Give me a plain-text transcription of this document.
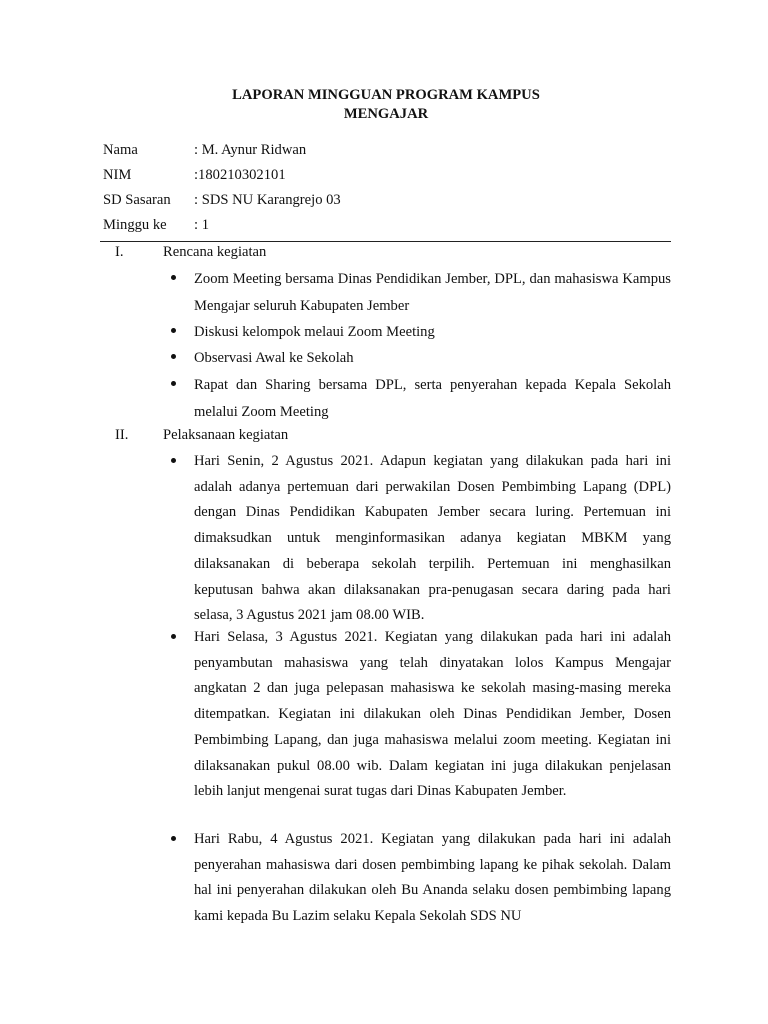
LAPORAN MINGGUAN PROGRAM KAMPUS
MENGAJAR
Nama	: M. Aynur Ridwan
NIM	:180210302101
SD Sasaran : SDS NU Karangrejo 03
Minggu ke : 1
I.	Rencana kegiatan
Zoom Meeting bersama Dinas Pendidikan Jember, DPL, dan mahasiswa Kampus Mengajar seluruh Kabupaten Jember
Diskusi kelompok melaui Zoom Meeting
Observasi Awal ke Sekolah
Rapat dan Sharing bersama DPL, serta penyerahan kepada Kepala Sekolah melalui Zoom Meeting
II. Pelaksanaan kegiatan
Hari Senin, 2 Agustus 2021. Adapun kegiatan yang dilakukan pada hari ini adalah adanya pertemuan dari perwakilan Dosen Pembimbing Lapang (DPL) dengan Dinas Pendidikan Kabupaten Jember secara luring. Pertemuan ini dimaksudkan untuk menginformasikan adanya kegiatan MBKM yang dilaksanakan di beberapa sekolah terpilih. Pertemuan ini menghasilkan keputusan bahwa akan dilaksanakan pra-penugasan secara daring pada hari selasa, 3 Agustus 2021 jam 08.00 WIB.
Hari Selasa, 3 Agustus 2021. Kegiatan yang dilakukan pada hari ini adalah penyambutan mahasiswa yang telah dinyatakan lolos Kampus Mengajar angkatan 2 dan juga pelepasan mahasiswa ke sekolah masing-masing mereka ditempatkan. Kegiatan ini dilakukan oleh Dinas Pendidikan Jember, Dosen Pembimbing Lapang, dan juga mahasiswa melalui zoom meeting. Kegiatan ini dilaksanakan pukul 08.00 wib. Dalam kegiatan ini juga dilakukan penjelasan lebih lanjut mengenai surat tugas dari Dinas Kabupaten Jember.
Hari Rabu, 4 Agustus 2021. Kegiatan yang dilakukan pada hari ini adalah penyerahan mahasiswa dari dosen pembimbing lapang ke pihak sekolah. Dalam hal ini penyerahan dilakukan oleh Bu Ananda selaku dosen pembimbing lapang kami kepada Bu Lazim selaku Kepala Sekolah SDS NU
